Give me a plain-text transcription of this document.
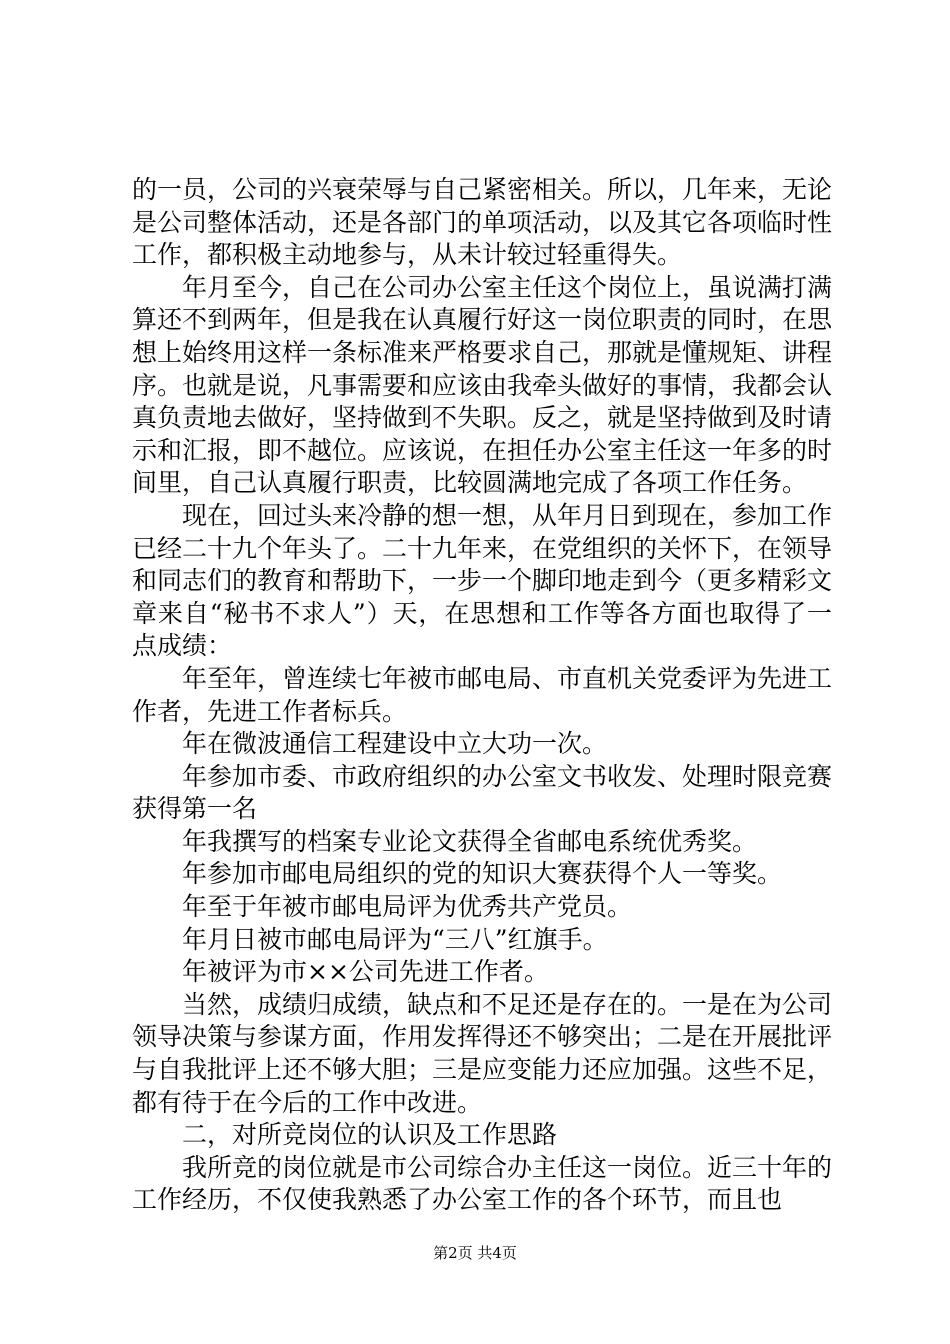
的一员，公司的兴衰荣辱与自己紧密相关。所以，几年来，无论是公司整体活动，还是各部门的单项活动，以及其它各项临时性工作，都积极主动地参与，从未计较过轻重得失。

年月至今，自己在公司办公室主任这个岗位上，虽说满打满算还不到两年，但是我在认真履行好这一岗位职责的同时，在思想上始终用这样一条标准来严格要求自己，那就是懂规矩、讲程序。也就是说，凡事需要和应该由我牵头做好的事情，我都会认真负责地去做好，坚持做到不失职。反之，就是坚持做到及时请示和汇报，即不越位。应该说，在担任办公室主任这一年多的时间里，自己认真履行职责，比较圆满地完成了各项工作任务。

现在，回过头来冷静的想一想，从年月日到现在，参加工作已经二十九个年头了。二十九年来，在党组织的关怀下，在领导和同志们的教育和帮助下，一步一个脚印地走到今（更多精彩文章来自“秘书不求人”）天，在思想和工作等各方面也取得了一点成绩：

年至年，曾连续七年被市邮电局、市直机关党委评为先进工作者，先进工作者标兵。

年在微波通信工程建设中立大功一次。

年参加市委、市政府组织的办公室文书收发、处理时限竞赛获得第一名

年我撰写的档案专业论文获得全省邮电系统优秀奖。

年参加市邮电局组织的党的知识大赛获得个人一等奖。

年至于年被市邮电局评为优秀共产党员。

年月日被市邮电局评为“三八”红旗手。

年被评为市××公司先进工作者。

当然，成绩归成绩，缺点和不足还是存在的。一是在为公司领导决策与参谋方面，作用发挥得还不够突出；二是在开展批评与自我批评上还不够大胆；三是应变能力还应加强。这些不足，都有待于在今后的工作中改进。

二，对所竞岗位的认识及工作思路

我所竞的岗位就是市公司综合办主任这一岗位。近三十年的工作经历，不仅使我熟悉了办公室工作的各个环节，而且也

第2页 共4页
